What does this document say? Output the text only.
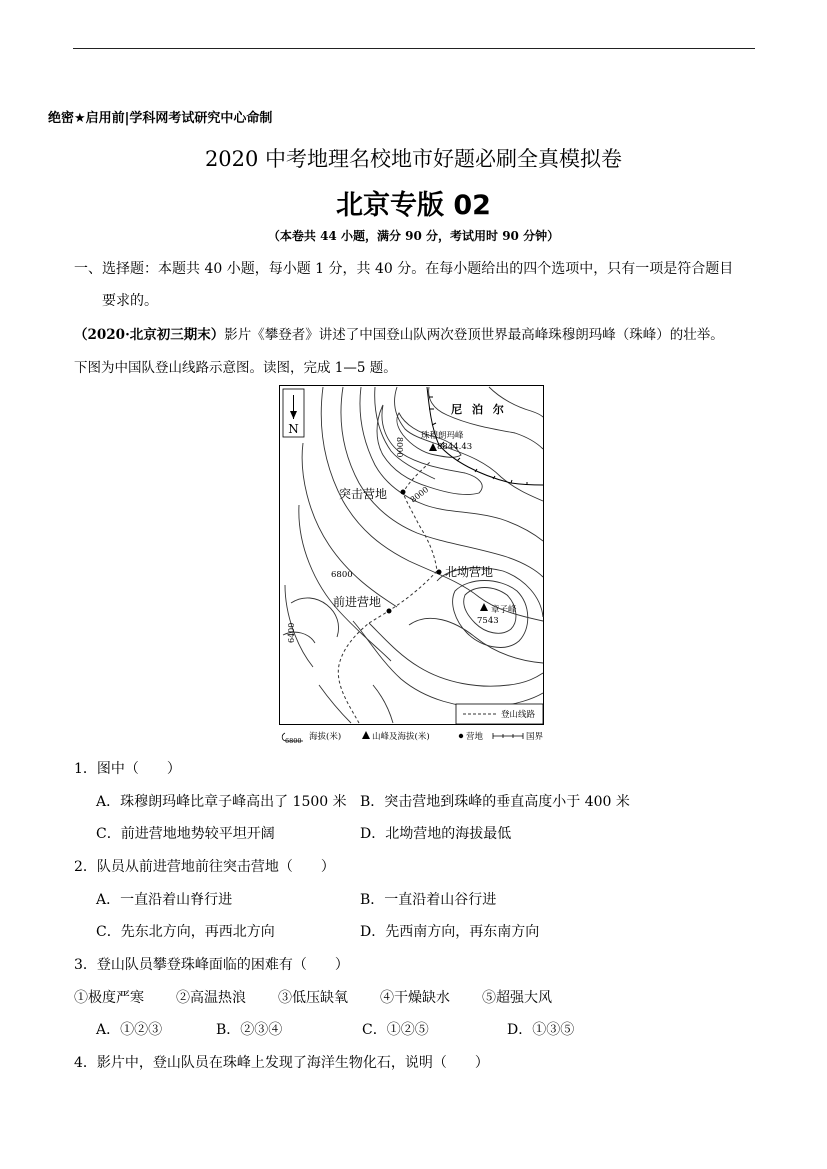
绝密★启用前|学科网考试研究中心命制
2020 中考地理名校地市好题必刷全真模拟卷
北京专版 02
（本卷共 44 小题，满分 90 分，考试用时 90 分钟）
一、选择题：本题共 40 小题，每小题 1 分，共 40 分。在每小题给出的四个选项中，只有一项是符合题目
要求的。
（2020·北京初三期末）影片《攀登者》讲述了中国登山队两次登顶世界最高峰珠穆朗玛峰（珠峰）的壮举。
下图为中国队登山线路示意图。读图，完成 1—5 题。
N
尼 泊 尔
珠穆朗玛峰
8844.43
章子峰
7543
突击营地
北坳营地
前进营地
8000
8000
6800
6400
登山线路
6800 海拔(米)	山峰及海拔(米)	营地	国界
1．图中（　　）
A．珠穆朗玛峰比章子峰高出了 1500 米 B．突击营地到珠峰的垂直高度小于 400 米
C．前进营地地势较平坦开阔	D．北坳营地的海拔最低
2．队员从前进营地前往突击营地（　　）
A．一直沿着山脊行进	B．一直沿着山谷行进
C．先东北方向，再西北方向	D．先西南方向，再东南方向
3．登山队员攀登珠峰面临的困难有（　　）
①极度严寒 ②高温热浪 ③低压缺氧 ④干燥缺水 ⑤超强大风
A．①②③	B．②③④	C．①②⑤	D．①③⑤
4．影片中，登山队员在珠峰上发现了海洋生物化石，说明（　　）
